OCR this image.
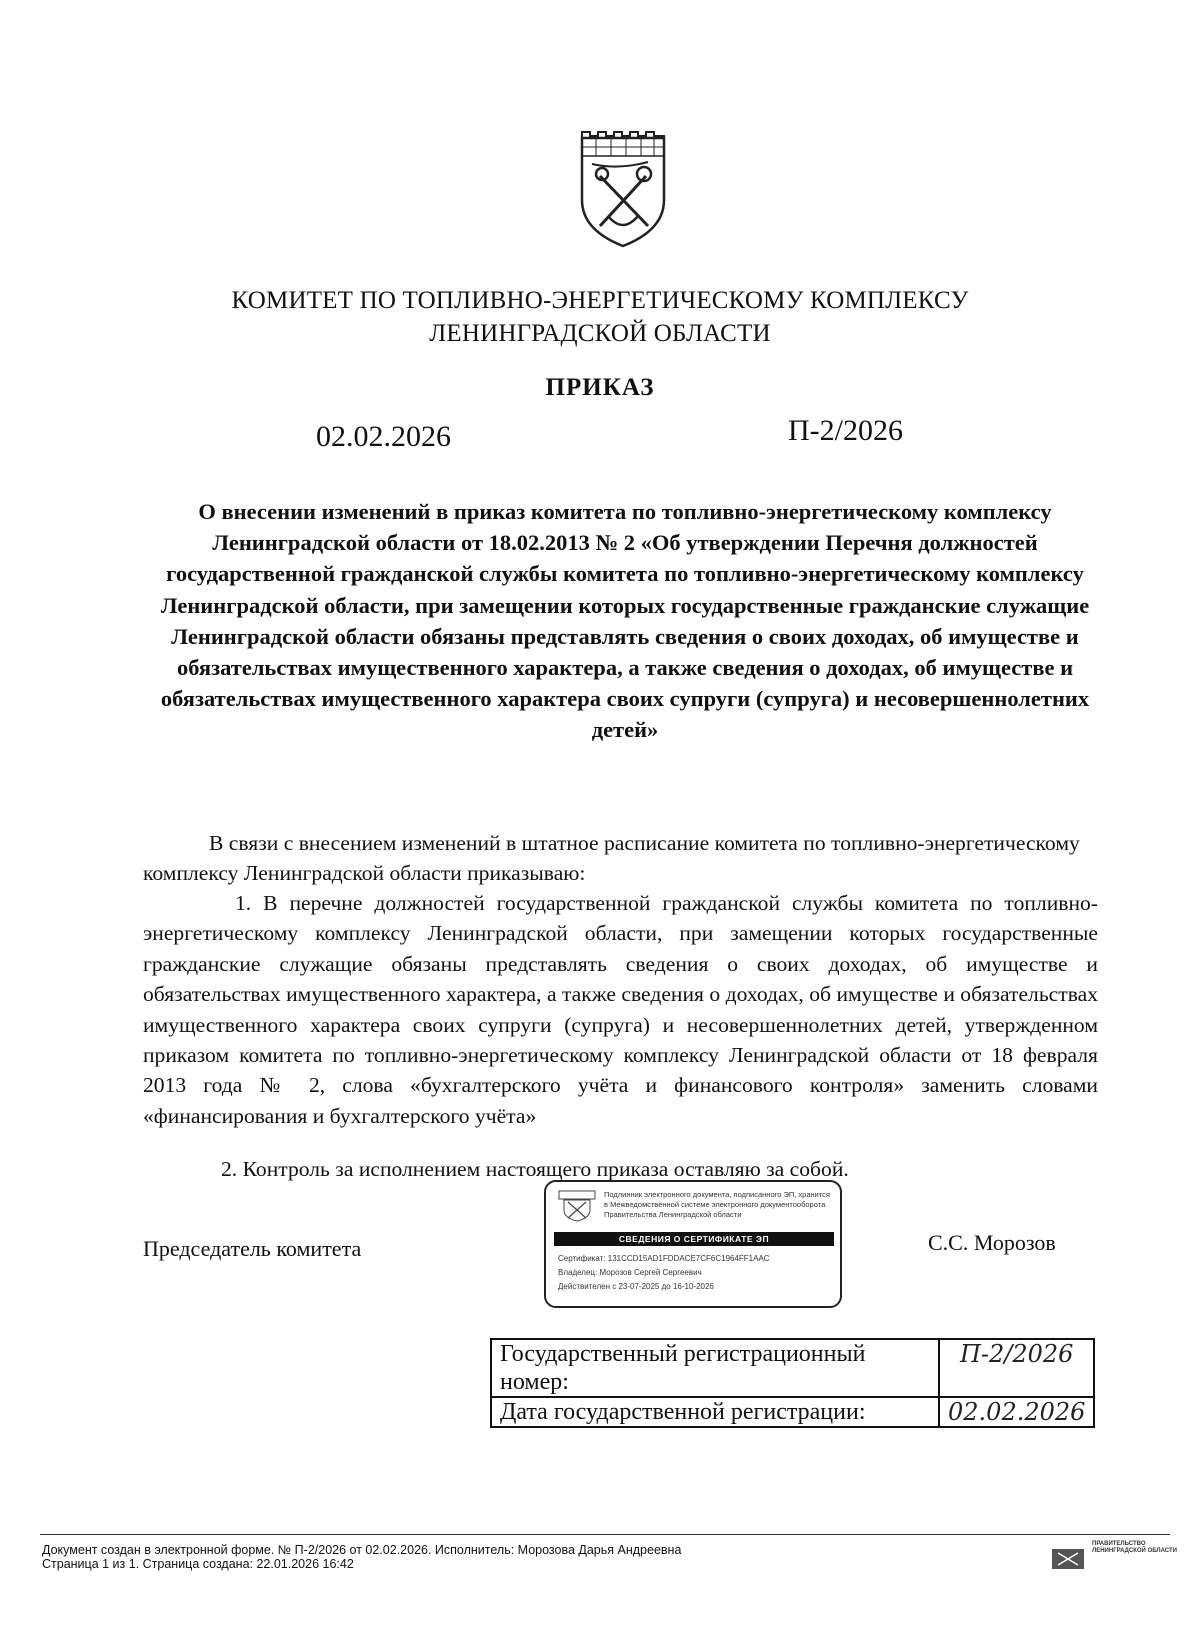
КОМИТЕТ ПО ТОПЛИВНО-ЭНЕРГЕТИЧЕСКОМУ КОМПЛЕКСУ
ЛЕНИНГРАДСКОЙ ОБЛАСТИ
ПРИКАЗ
02.02.2026	П-2/2026
О внесении изменений в приказ комитета по топливно-энергетическому комплексу Ленинградской области от 18.02.2013 № 2 «Об утверждении Перечня должностей государственной гражданской службы комитета по топливно-энергетическому комплексу Ленинградской области, при замещении которых государственные гражданские служащие Ленинградской области обязаны представлять сведения о своих доходах, об имуществе и обязательствах имущественного характера, а также сведения о доходах, об имуществе и обязательствах имущественного характера своих супруги (супруга) и несовершеннолетних детей»
В связи с внесением изменений в штатное расписание комитета по топливно-энергетическому комплексу Ленинградской области приказываю:
1. В перечне должностей государственной гражданской службы комитета по топливно-энергетическому комплексу Ленинградской области, при замещении которых государственные гражданские служащие обязаны представлять сведения о своих доходах, об имуществе и обязательствах имущественного характера, а также сведения о доходах, об имуществе и обязательствах имущественного характера своих супруги (супруга) и несовершеннолетних детей, утвержденном приказом комитета по топливно-энергетическому комплексу Ленинградской области от 18 февраля 2013 года № 2, слова «бухгалтерского учёта и финансового контроля» заменить словами «финансирования и бухгалтерского учёта»
2. Контроль за исполнением настоящего приказа оставляю за собой.
Председатель комитета	С.С. Морозов
Подлинник электронного документа, подписанного ЭП, хранится в Межведомственной системе электронного документооборота Правительства Ленинградской области
СВЕДЕНИЯ О СЕРТИФИКАТЕ ЭП
Сертификат: 131CCD15AD1FDDACE7CF6C1964FF1AAC
Владелец: Морозов Сергей Сергеевич
Действителен с 23-07-2025 до 16-10-2026
Государственный регистрационный номер:	П-2/2026
Дата государственной регистрации:	02.02.2026
Документ создан в электронной форме. № П-2/2026 от 02.02.2026. Исполнитель: Морозова Дарья Андреевна
Страница 1 из 1. Страница создана: 22.01.2026 16:42
ПРАВИТЕЛЬСТВО ЛЕНИНГРАДСКОЙ ОБЛАСТИ
